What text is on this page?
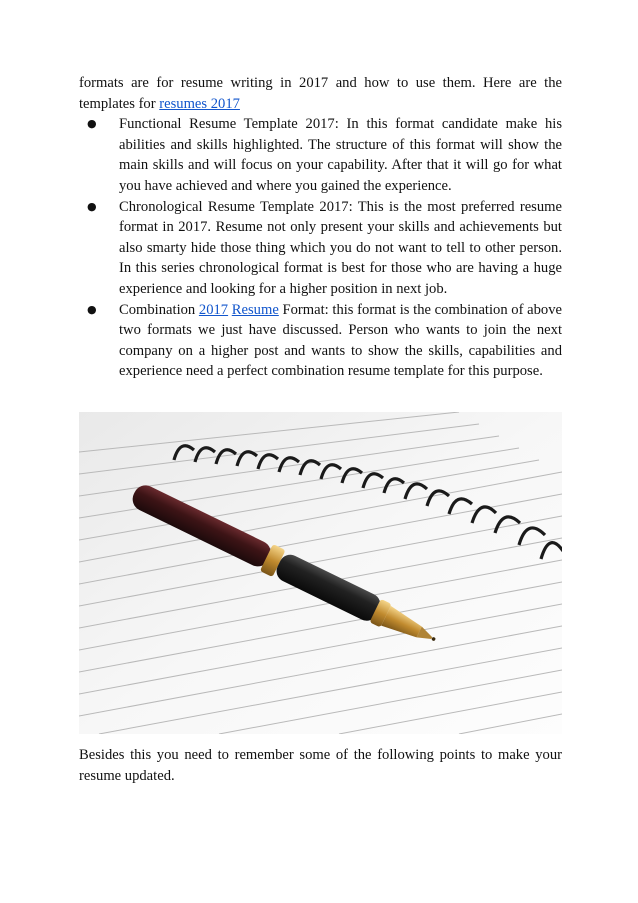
formats are for resume writing in 2017 and how to use them. Here are the templates for resumes 2017

● Functional Resume Template 2017: In this format candidate make his abilities and skills highlighted. The structure of this format will show the main skills and will focus on your capability. After that it will go for what you have achieved and where you gained the experience.
● Chronological Resume Template 2017: This is the most preferred resume format in 2017. Resume not only present your skills and achievements but also smarty hide those thing which you do not want to tell to other person. In this series chronological format is best for those who are having a huge experience and looking for a higher position in next job.
● Combination 2017 Resume Format: this format is the combination of above two formats we just have discussed. Person who wants to join the next company on a higher post and wants to show the skills, capabilities and experience need a perfect combination resume template for this purpose.

Besides this you need to remember some of the following points to make your resume updated.
